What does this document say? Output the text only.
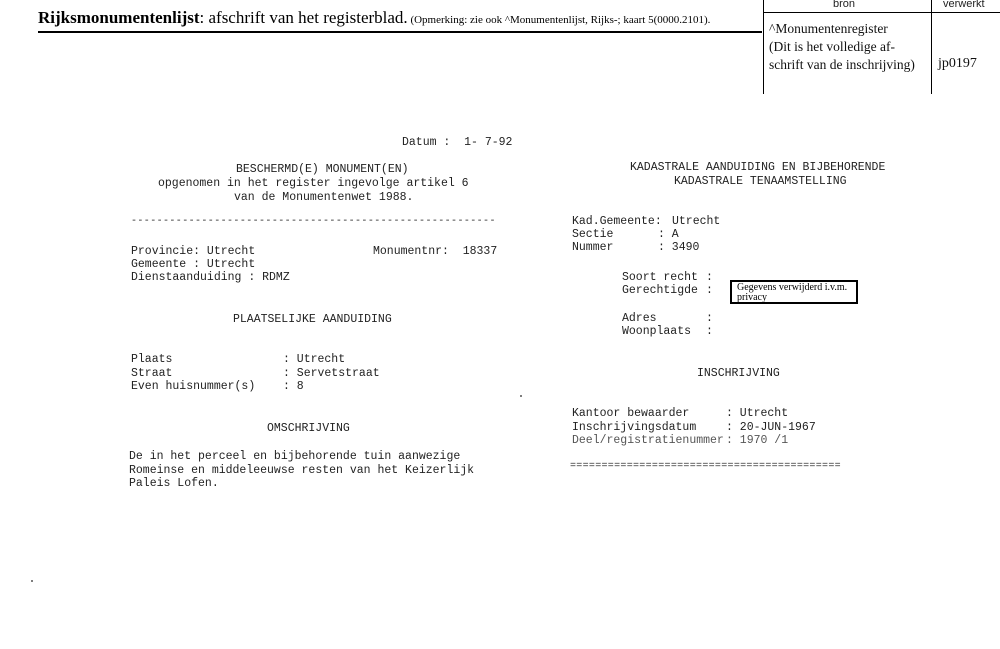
Rijksmonumentenlijst: afschrift van het registerblad. (Opmerking: zie ook ^Monumentenlijst, Rijks-; kaart 5(0000.2101).
bron	verwerkt
^Monumentenregister
(Dit is het volledige af-
schrift van de inschrijving) jp0197
Datum :  1- 7-92
BESCHERMD(E) MONUMENT(EN)
opgenomen in het register ingevolge artikel 6
van de Monumentenwet 1988.
---------------------------------------------------------
Provincie: Utrecht	Monumentnr:  18337
Gemeente : Utrecht
Dienstaanduiding : RDMZ
PLAATSELIJKE AANDUIDING
Plaats	: Utrecht
Straat	: Servetstraat
Even huisnummer(s) : 8
OMSCHRIJVING
De in het perceel en bijbehorende tuin aanwezige
Romeinse en middeleeuwse resten van het Keizerlijk
Paleis Lofen.
KADASTRALE AANDUIDING EN BIJBEHORENDE
KADASTRALE TENAAMSTELLING
Kad.Gemeente: Utrecht
Sectie	: A
Nummer	: 3490
Soort recht :
Gerechtigde :
Adres	:
Woonplaats :
Gegevens verwijderd i.v.m. privacy
INSCHRIJVING
Kantoor bewaarder	: Utrecht
Inschrijvingsdatum	: 20-JUN-1967
Deel/registratienummer : 1970 /1
===========================================
